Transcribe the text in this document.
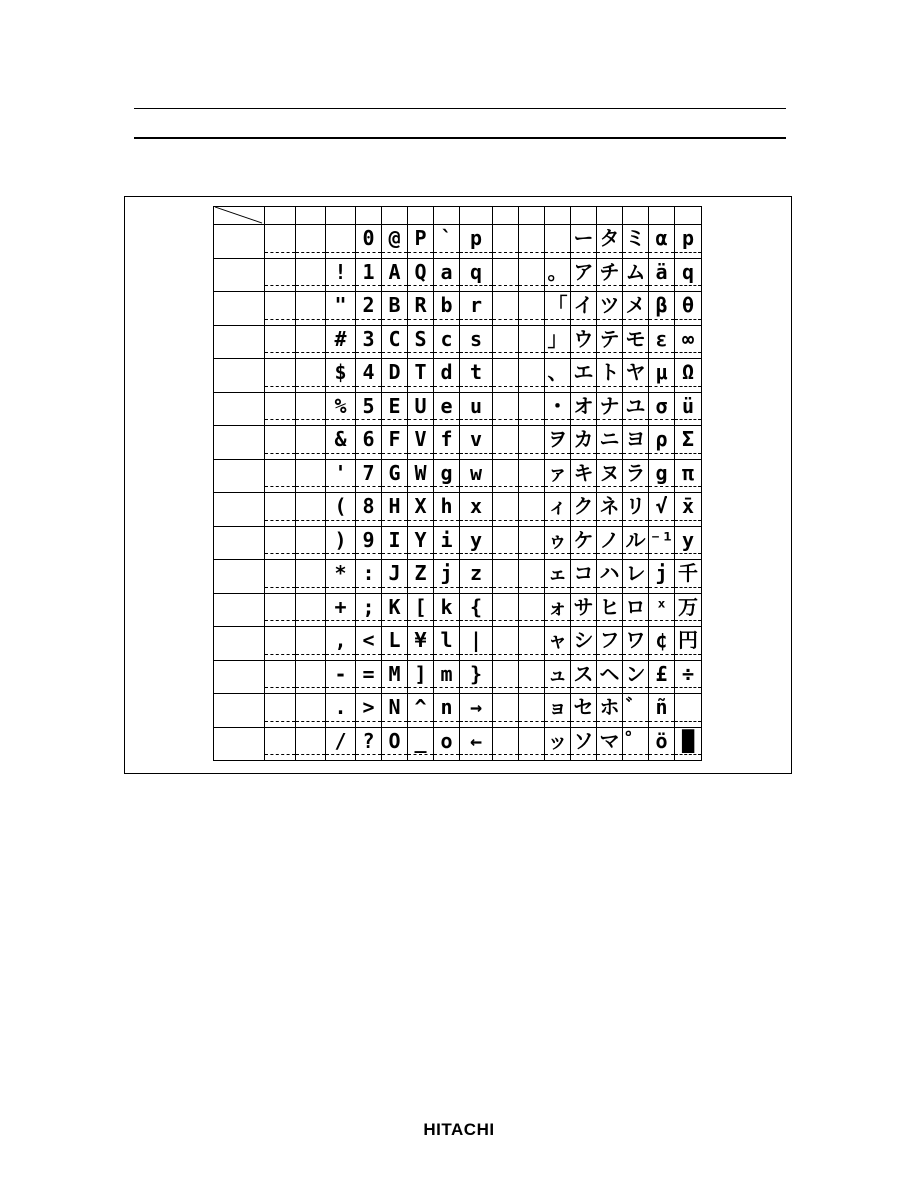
0 @ P ` p	ー タ ミ α p
! 1 A Q a q	。 ア チ ム ä q
" 2 B R b r	「 イ ツ メ β θ
# 3 C S c s	」 ウ テ モ ε ∞
$ 4 D T d t	、 エ ト ヤ μ Ω
% 5 E U e u	・ オ ナ ユ σ ü
& 6 F V f v	ヲ カ ニ ヨ ρ Σ
' 7 G W g w	ァ キ ヌ ラ g π
( 8 H X h x	ィ ク ネ リ √ x̄
) 9 I Y i y	ゥ ケ ノ ル ⁻¹ y
* : J Z j z	ェ コ ハ レ j 千
+ ; K [ k {	ォ サ ヒ ロ ˣ 万
, < L ¥ l |	ャ シ フ ワ ¢ 円
- = M ] m }	ュ ス ヘ ン £ ÷
. > N ^ n →	ョ セ ホ ゛ ñ
/ ? O _ o ←	ッ ソ マ ゜ ö █
HITACHI
